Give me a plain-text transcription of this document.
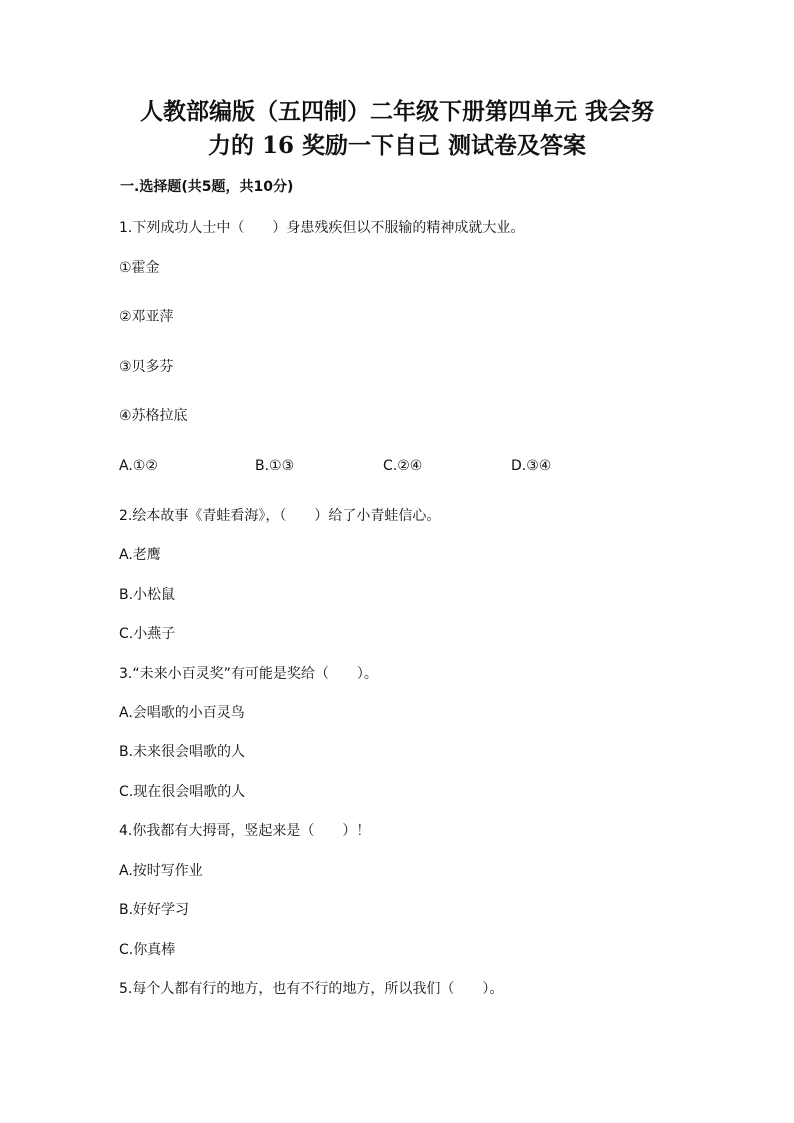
人教部编版（五四制）二年级下册第四单元 我会努
力的 16 奖励一下自己 测试卷及答案
一.选择题(共5题，共10分)
1.下列成功人士中（　　）身患残疾但以不服输的精神成就大业。
①霍金
②邓亚萍
③贝多芬
④苏格拉底
A.①②	B.①③	C.②④	D.③④
2.绘本故事《青蛙看海》，（　　）给了小青蛙信心。
A.老鹰
B.小松鼠
C.小燕子
3.“未来小百灵奖”有可能是奖给（　　）。
A.会唱歌的小百灵鸟
B.未来很会唱歌的人
C.现在很会唱歌的人
4.你我都有大拇哥，竖起来是（　　）！
A.按时写作业
B.好好学习
C.你真棒
5.每个人都有行的地方，也有不行的地方，所以我们（　　）。
